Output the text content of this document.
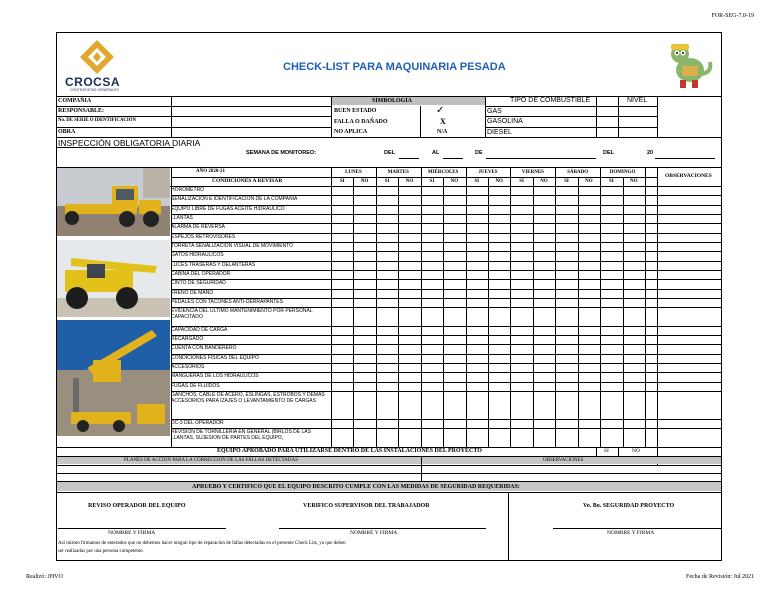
FOR-SEG-7.0-19
CROCSA
CONTRATISTAS GENERALES
CHECK-LIST PARA MAQUINARIA PESADA
COMPAÑIA
RESPONSABLE:
No. DE SERIE O IDENTIFICACION
OBRA
SIMBOLOGÍA
BUEN ESTADO	✓
FALLA O DAÑADO	X
NO APLICA	N/A
TIPO DE COMBUSTIBLE	NIVEL
GAS
GASOLINA
DIESEL
INSPECCIÓN OBLIGATORIA DIARIA
SEMANA DE MONITOREO:	DEL	AL	DE	DEL	20
AÑO 2020-21
CONDICIONES A REVISAR
OBSERVACIONES
LUNES
SI	NO
MARTES
SI	NO
MIÉRCOLES
SI	NO
JUEVES
SI	NO
VIERNES
SI	NO
SÁBADO
SI	NO
DOMINGO
SI	NO
HOROMETRO
SEÑALIZACION E IDENTIFICACION DE LA COMPAÑIA
EQUIPO LIBRE DE FUGAS ACEITE HIDRAULICO
LLANTAS
ALARMA DE REVERSA
ESPEJOS RETROVISORES
TORRETA SEÑALIZACION VISUAL DE MOVIMIENTO
GATOS HIDRAULICOS
LUCES TRASERAS Y DELANTERAS
CABINA DEL OPERADOR
CINTO DE SEGURIDAD
FRENO DE MANO
PEDALES CON TACONES ANTI-DERRAPANTES
EVIDENCIA DEL ULTIMO MANTENIMIENTO POR PERSONAL CAPACITADO
CAPACIDAD DE CARGA
RECARGADO
CUENTA CON BANDERERO
CONDICIONES FISICAS DEL EQUIPO
ACCESORIOS
MANGUERAS DE LOS HIDRAULICOS
FUGAS DE FLUIDOS
GANCHOS, CABLE DE ACERO, ESLINGAS, ESTROBOS Y DEMÁS ACCESORIOS PARA IZAJES O LEVANTAMIENTO DE CARGAS
DC-3 DEL OPERADOR
REVISION DE TORNILLERIA EN GENERAL (BIRLOS DE LAS LLANTAS, SUJESION DE PARTES DEL EQUIPO,
EQUIPO APROBADO PARA UTILIZARSE DENTRO DE LAS INSTALACIONES DEL PROYECTO	SI	NO
PLANES DE ACCION PARA LA CORRECCION DE LAS FALLAS DETECTADAS	OBSERVACIONES
APRUEBO Y CERTIFICO QUE EL EQUIPO DESCRITO CUMPLE CON LAS MEDIDAS DE SEGURIDAD REQUERIDAS:
REVISO OPERADOR DEL EQUIPO	VERIFICO SUPERVISOR DEL TRABAJADOR	Vo. Bo. SEGURIDAD PROYECTO
NOMBRE Y FIRMA	NOMBRE Y FIRMA	NOMBRE Y FIRMA
Asi mismo firmamos de enterados que no debemos hacer ningun tipo de reparacion de fallas detectadas en el presente Check List, ya que deben
ser realizadas por una persona competente.
Realizó: JHVO	Fecha de Revisión: Jul 2021
